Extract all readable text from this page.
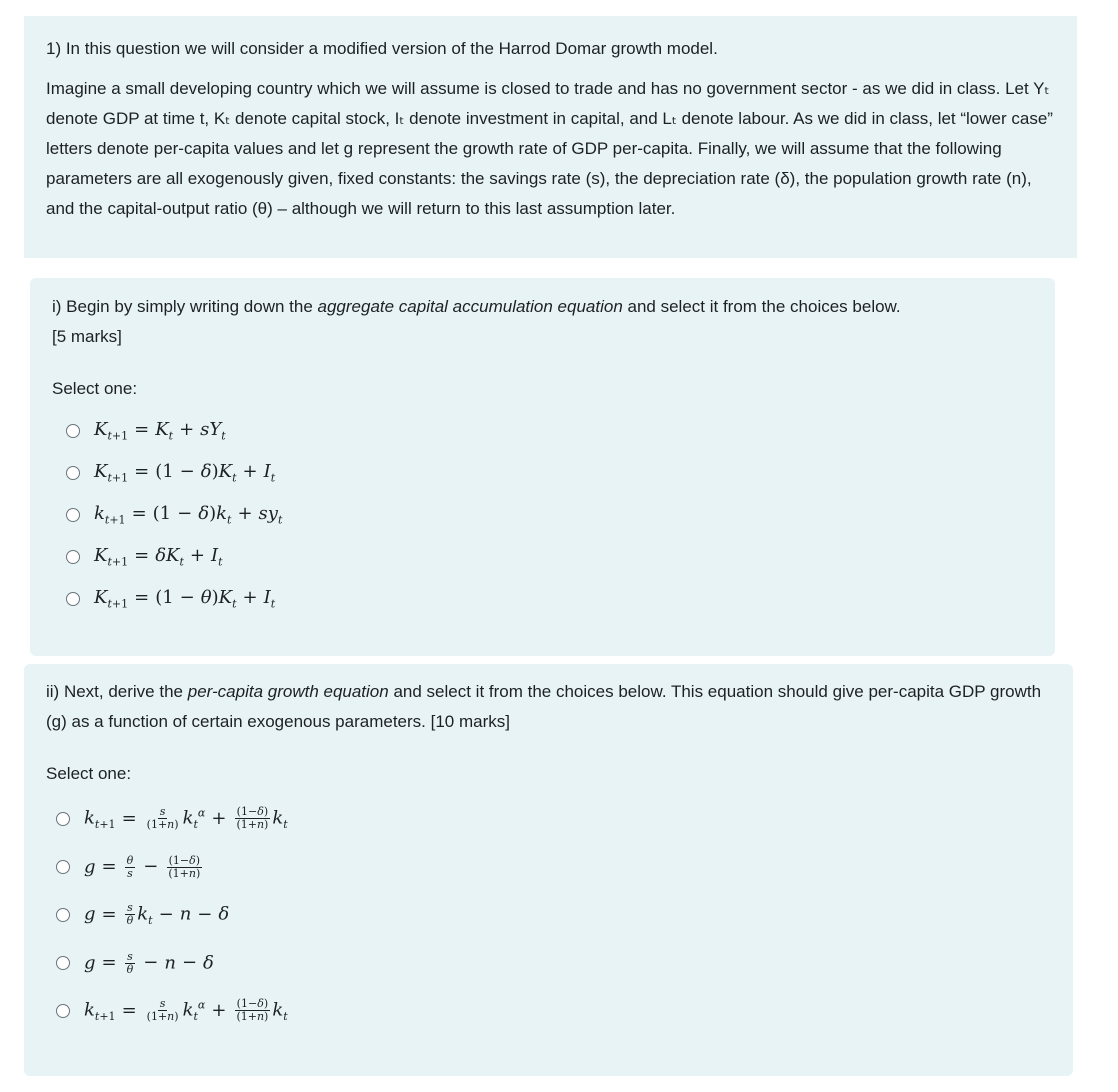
1) In this question we will consider a modified version of the Harrod Domar growth model.

Imagine a small developing country which we will assume is closed to trade and has no government sector - as we did in class. Let Yₜ denote GDP at time t, Kₜ denote capital stock, Iₜ denote investment in capital, and Lₜ denote labour. As we did in class, let “lower case” letters denote per-capita values and let g represent the growth rate of GDP per-capita. Finally, we will assume that the following parameters are all exogenously given, fixed constants: the savings rate (s), the depreciation rate (δ), the population growth rate (n), and the capital-output ratio (θ) – although we will return to this last assumption later.

i) Begin by simply writing down the aggregate capital accumulation equation and select it from the choices below.
[5 marks]

Select one:
$K_{t+1} = K_t + sY_t$
$K_{t+1} = (1 - \delta)K_t + I_t$
$k_{t+1} = (1 - \delta)k_t + sy_t$
$K_{t+1} = \delta K_t + I_t$
$K_{t+1} = (1 - \theta)K_t + I_t$

ii) Next, derive the per-capita growth equation and select it from the choices below. This equation should give per-capita GDP growth (g) as a function of certain exogenous parameters. [10 marks]

Select one:
$k_{t+1} = \frac{s}{(1+n)} k_t^\alpha + \frac{(1-\delta)}{(1+n)} k_t$
$g = \frac{\theta}{s} - \frac{(1-\delta)}{(1+n)}$
$g = \frac{s}{\theta} k_t - n - \delta$
$g = \frac{s}{\theta} - n - \delta$
$k_{t+1} = \frac{s}{(1+n)} k_t^\alpha + \frac{(1-\delta)}{(1+n)} k_t$
